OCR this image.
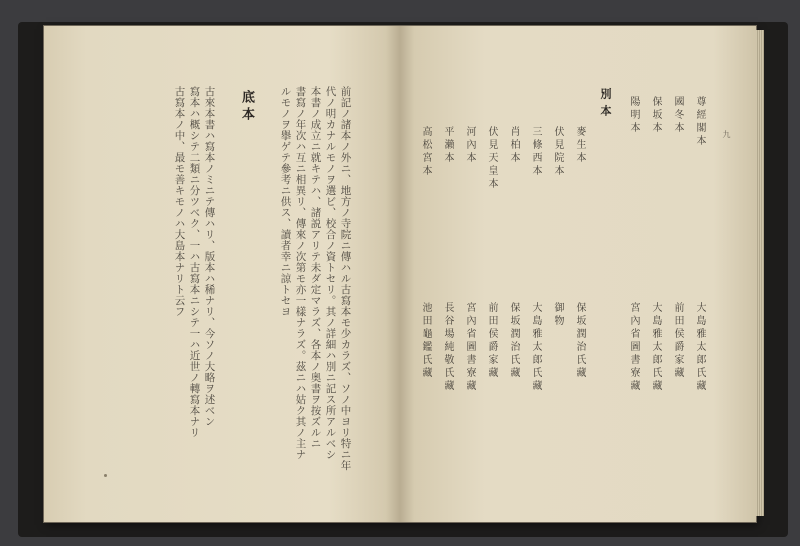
前記ノ諸本ノ外ニ、地方ノ寺院ニ傳ハル古寫本モ少カラズ、ソノ中ヨリ特ニ年
代ノ明カナルモノヲ選ビ、校合ノ資トセリ。其ノ詳細ハ別ニ記ス所アルベシ
本書ノ成立ニ就キテハ、諸説アリテ未ダ定マラズ、各本ノ奥書ヲ按ズルニ
書寫ノ年次ハ互ニ相異リ、傳來ノ次第モ亦一樣ナラズ。茲ニハ姑ク其ノ主ナ
ルモノヲ擧ゲテ參考ニ供ス、讀者幸ニ諒トセヨ
底本
古來本書ハ寫本ノミニテ傳ハリ、版本ハ稀ナリ、今ソノ大略ヲ述ベン
寫本ハ概シテ二類ニ分ツベク、一ハ古寫本ニシテ一ハ近世ノ轉寫本ナリ
古寫本ノ中、最モ善キモノハ大島本ナリト云フ	九
別本
大島雅太郎氏藏
尊經閣本
前田侯爵家藏
國冬本
大島雅太郎氏藏
保坂本
宮內省圖書寮藏
陽明本
保坂潤治氏藏
麥生本
御物
伏見院本
大島雅太郎氏藏
三條西本
保坂潤治氏藏
肖柏本
前田侯爵家藏
伏見天皇本
宮內省圖書寮藏
河內本
長谷場純敬氏藏
平瀨本
池田龜鑑氏藏
高松宮本
